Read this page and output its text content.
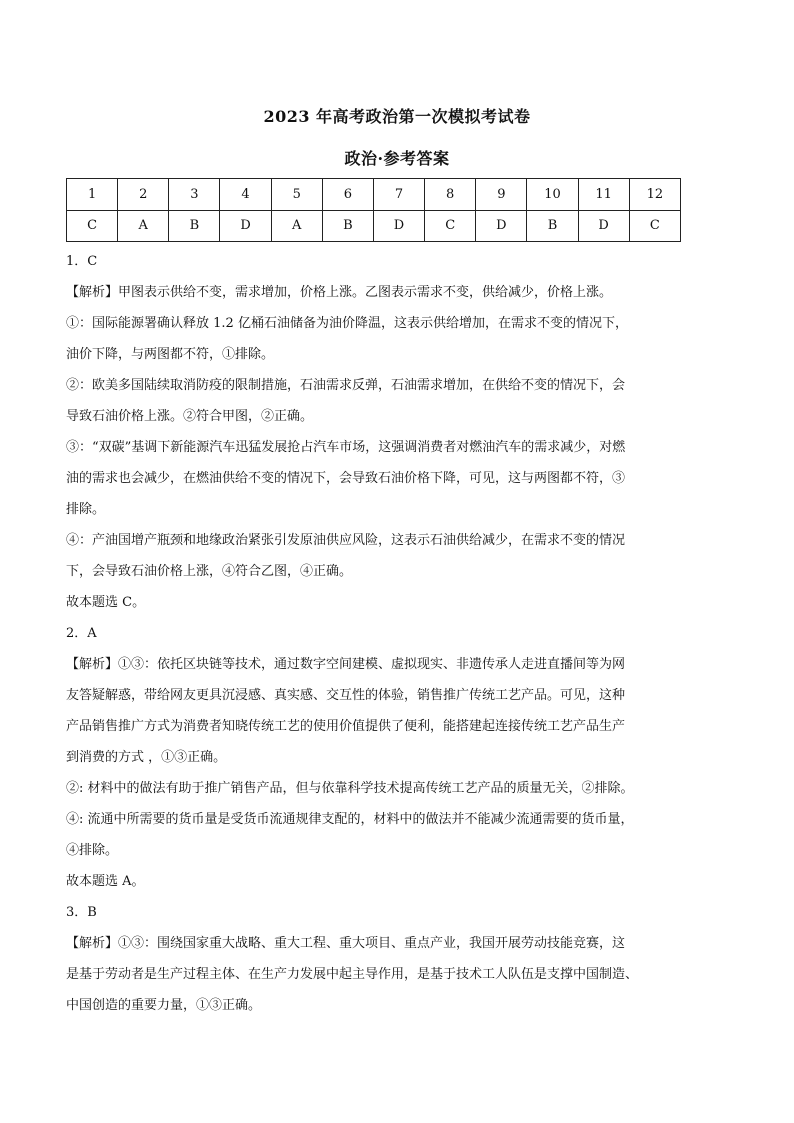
2023 年高考政治第一次模拟考试卷
政治·参考答案
1	2	3	4	5	6	7	8	9	10	11	12
C	A	B	D	A	B	D	C	D	B	D	C

1．C

【解析】甲图表示供给不变，需求增加，价格上涨。乙图表示需求不变，供给减少，价格上涨。

①：国际能源署确认释放 1.2 亿桶石油储备为油价降温，这表示供给增加，在需求不变的情况下，

油价下降，与两图都不符，①排除。

②：欧美多国陆续取消防疫的限制措施，石油需求反弹，石油需求增加，在供给不变的情况下，会

导致石油价格上涨。②符合甲图，②正确。

③：“双碳”基调下新能源汽车迅猛发展抢占汽车市场，这强调消费者对燃油汽车的需求减少，对燃

油的需求也会减少，在燃油供给不变的情况下，会导致石油价格下降，可见，这与两图都不符，③

排除。

④：产油国增产瓶颈和地缘政治紧张引发原油供应风险，这表示石油供给减少，在需求不变的情况

下，会导致石油价格上涨，④符合乙图，④正确。

故本题选 C。

2．A

【解析】①③：依托区块链等技术，通过数字空间建模、虚拟现实、非遗传承人走进直播间等为网

友答疑解惑，带给网友更具沉浸感、真实感、交互性的体验，销售推广传统工艺产品。可见，这种

产品销售推广方式为消费者知晓传统工艺的使用价值提供了便利，能搭建起连接传统工艺产品生产

到消费的方式 ，①③正确。

②: 材料中的做法有助于推广销售产品，但与依靠科学技术提高传统工艺产品的质量无关，②排除。

④: 流通中所需要的货币量是受货币流通规律支配的，材料中的做法并不能减少流通需要的货币量，

④排除。

故本题选 A。

3．B

【解析】①③：围绕国家重大战略、重大工程、重大项目、重点产业，我国开展劳动技能竞赛，这

是基于劳动者是生产过程主体、在生产力发展中起主导作用，是基于技术工人队伍是支撑中国制造、

中国创造的重要力量，①③正确。
